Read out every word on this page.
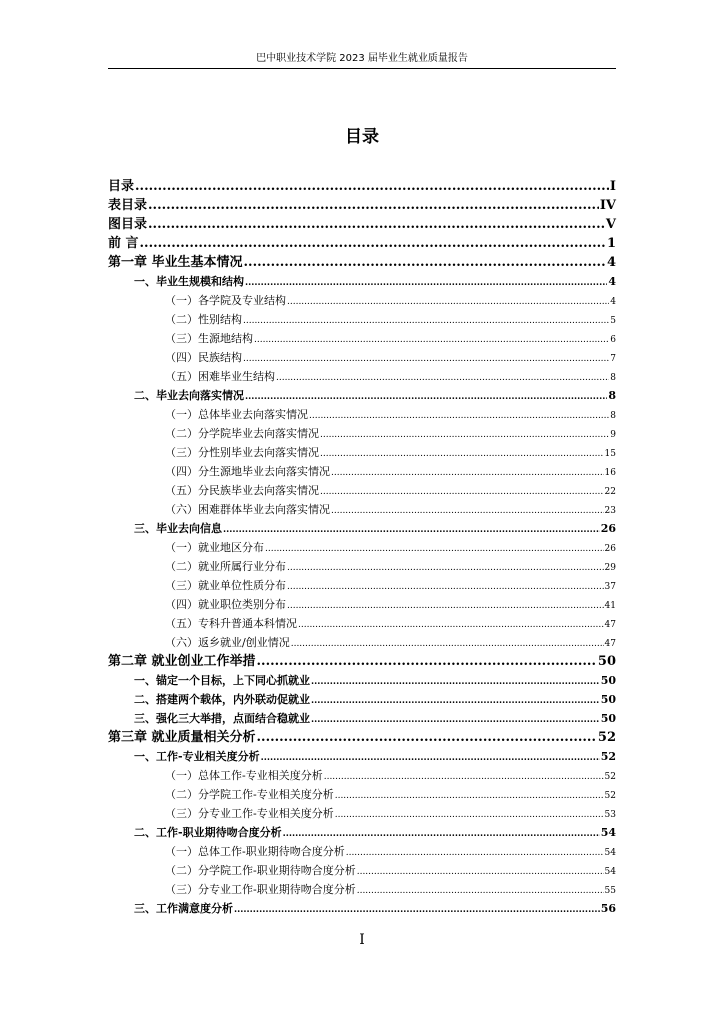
巴中职业技术学院 2023 届毕业生就业质量报告
目录
目录 .....	I
表目录 .....	IV
图目录 .....	V
前 言 .....	1
第一章 毕业生基本情况 .....	4
一、毕业生规模和结构 .....	4
（一）各学院及专业结构 .....	4
（二）性别结构 .....	5
（三）生源地结构 .....	6
（四）民族结构 .....	7
（五）困难毕业生结构 .....	8
二、毕业去向落实情况 .....	8
（一）总体毕业去向落实情况 .....	8
（二）分学院毕业去向落实情况 .....	9
（三）分性别毕业去向落实情况 .....	15
（四）分生源地毕业去向落实情况 .....	16
（五）分民族毕业去向落实情况 .....	22
（六）困难群体毕业去向落实情况 .....	23
三、毕业去向信息 .....	26
（一）就业地区分布 .....	26
（二）就业所属行业分布 .....	29
（三）就业单位性质分布 .....	37
（四）就业职位类别分布 .....	41
（五）专科升普通本科情况 .....	47
（六）返乡就业/创业情况 .....	47
第二章 就业创业工作举措 .....	50
一、锚定一个目标，上下同心抓就业 .....	50
二、搭建两个载体，内外联动促就业 .....	50
三、强化三大举措，点面结合稳就业 .....	50
第三章 就业质量相关分析 .....	52
一、工作-专业相关度分析 .....	52
（一）总体工作-专业相关度分析 .....	52
（二）分学院工作-专业相关度分析 .....	52
（三）分专业工作-专业相关度分析 .....	53
二、工作-职业期待吻合度分析 .....	54
（一）总体工作-职业期待吻合度分析 .....	54
（二）分学院工作-职业期待吻合度分析 .....	54
（三）分专业工作-职业期待吻合度分析 .....	55
三、工作满意度分析 .....	56
I
